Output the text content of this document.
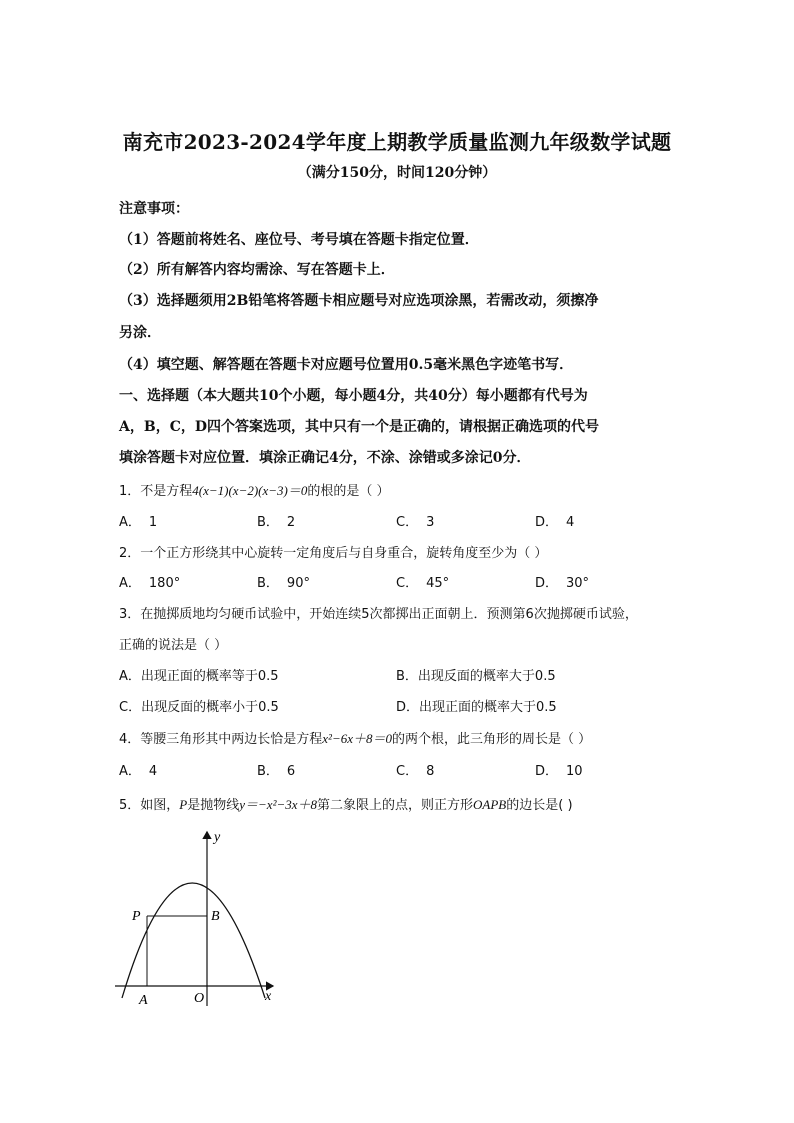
南充市2023-2024学年度上期教学质量监测九年级数学试题
（满分150分，时间120分钟）
注意事项：
（1）答题前将姓名、座位号、考号填在答题卡指定位置．
（2）所有解答内容均需涂、写在答题卡上．
（3）选择题须用2B铅笔将答题卡相应题号对应选项涂黑，若需改动，须擦净
另涂．
（4）填空题、解答题在答题卡对应题号位置用0.5毫米黑色字迹笔书写．
一、选择题（本大题共10个小题，每小题4分，共40分）每小题都有代号为
A，B，C，D四个答案选项，其中只有一个是正确的，请根据正确选项的代号
填涂答题卡对应位置．填涂正确记4分，不涂、涂错或多涂记0分．
1．不是方程4(x−1)(x−2)(x−3)＝0的根的是（ ）
A． 1	B． 2	C． 3	D． 4
2．一个正方形绕其中心旋转一定角度后与自身重合，旋转角度至少为（ ）
A． 180°	B． 90°	C． 45°	D． 30°
3．在抛掷质地均匀硬币试验中，开始连续5次都掷出正面朝上．预测第6次抛掷硬币试验，
正确的说法是（ ）
A．出现正面的概率等于0.5	B．出现反面的概率大于0.5
C．出现反面的概率小于0.5	D．出现正面的概率大于0.5
4．等腰三角形其中两边长恰是方程x²−6x＋8＝0的两个根，此三角形的周长是（ ）
A． 4	B． 6	C． 8	D． 10
5．如图，P是抛物线y＝−x²−3x＋8第二象限上的点，则正方形OAPB的边长是( )
y
x
P	B
A	O
